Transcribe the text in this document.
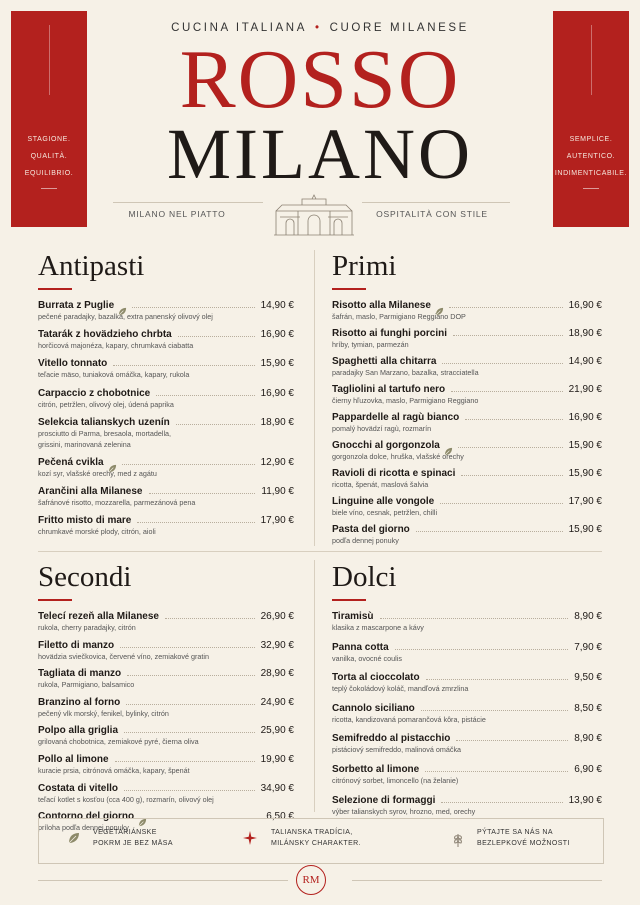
STAGIONE.
QUALITÀ.
EQUILIBRIO.
SEMPLICE.
AUTENTICO.
INDIMENTICABILE.
CUCINA ITALIANA • CUORE MILANESE
ROSSO
MILANO
MILANO NEL PIATTO	OSPITALITÀ CON STILE
Antipasti
Burrata z Puglie	14,90 €
pečené paradajky, bazalka, extra panenský olivový olej
Tatarák z hovädzieho chrbta	16,90 €
horčicová majonéza, kapary, chrumkavá ciabatta
Vitello tonnato	15,90 €
teľacie mäso, tuniaková omáčka, kapary, rukola
Carpaccio z chobotnice	16,90 €
citrón, petržlen, olivový olej, údená paprika
Selekcia talianskych uzenín	18,90 €
prosciutto di Parma, bresaola, mortadella,
grissini, marinovaná zelenina
Pečená cvikla	12,90 €
kozí syr, vlašské orechy, med z agátu
Arančini alla Milanese	11,90 €
šafránové risotto, mozzarella, parmezánová pena
Fritto misto di mare	17,90 €
chrumkavé morské plody, citrón, aioli
Primi
Risotto alla Milanese	16,90 €
šafrán, maslo, Parmigiano Reggiano DOP
Risotto ai funghi porcini	18,90 €
hríby, tymian, parmezán
Spaghetti alla chitarra	14,90 €
paradajky San Marzano, bazalka, stracciatella
Tagliolini al tartufo nero	21,90 €
čierny hľuzovka, maslo, Parmigiano Reggiano
Pappardelle al ragù bianco	16,90 €
pomalý hovädzí ragù, rozmarín
Gnocchi al gorgonzola	15,90 €
gorgonzola dolce, hruška, vlašské orechy
Ravioli di ricotta e spinaci	15,90 €
ricotta, špenát, maslová šalvia
Linguine alle vongole	17,90 €
biele víno, cesnak, petržlen, chilli
Pasta del giorno	15,90 €
podľa dennej ponuky
Secondi
Telecí rezeň alla Milanese	26,90 €
rukola, cherry paradajky, citrón
Filetto di manzo	32,90 €
hovädzia sviečkovica, červené víno, zemiakové gratin
Tagliata di manzo	28,90 €
rukola, Parmigiano, balsamico
Branzino al forno	24,90 €
pečený vlk morský, fenikel, bylinky, citrón
Polpo alla griglia	25,90 €
grilovaná chobotnica, zemiakové pyré, čierna oliva
Pollo al limone	19,90 €
kuracie prsia, citrónová omáčka, kapary, špenát
Costata di vitello	34,90 €
teľací kotlet s kosťou (cca 400 g), rozmarín, olivový olej
Contorno del giorno	6,50 €
príloha podľa dennej ponuky
Dolci
Tiramisù	8,90 €
klasika z mascarpone a kávy
Panna cotta	7,90 €
vanilka, ovocné coulis
Torta al cioccolato	9,50 €
teplý čokoládový koláč, mandľová zmrzlina
Cannolo siciliano	8,50 €
ricotta, kandizovaná pomarančová kôra, pistácie
Semifreddo al pistacchio	8,90 €
pistáciový semifreddo, malinová omáčka
Sorbetto al limone	6,90 €
citrónový sorbet, limoncello (na želanie)
Selezione di formaggi	13,90 €
výber talianskych syrov, hrozno, med, orechy
VEGETARIÁNSKE
POKRM JE BEZ MÄSA
TALIANSKA TRADÍCIA,
MILÁNSKY CHARAKTER.
PÝTAJTE SA NÁS NA
BEZLEPKOVÉ MOŽNOSTI
RM
